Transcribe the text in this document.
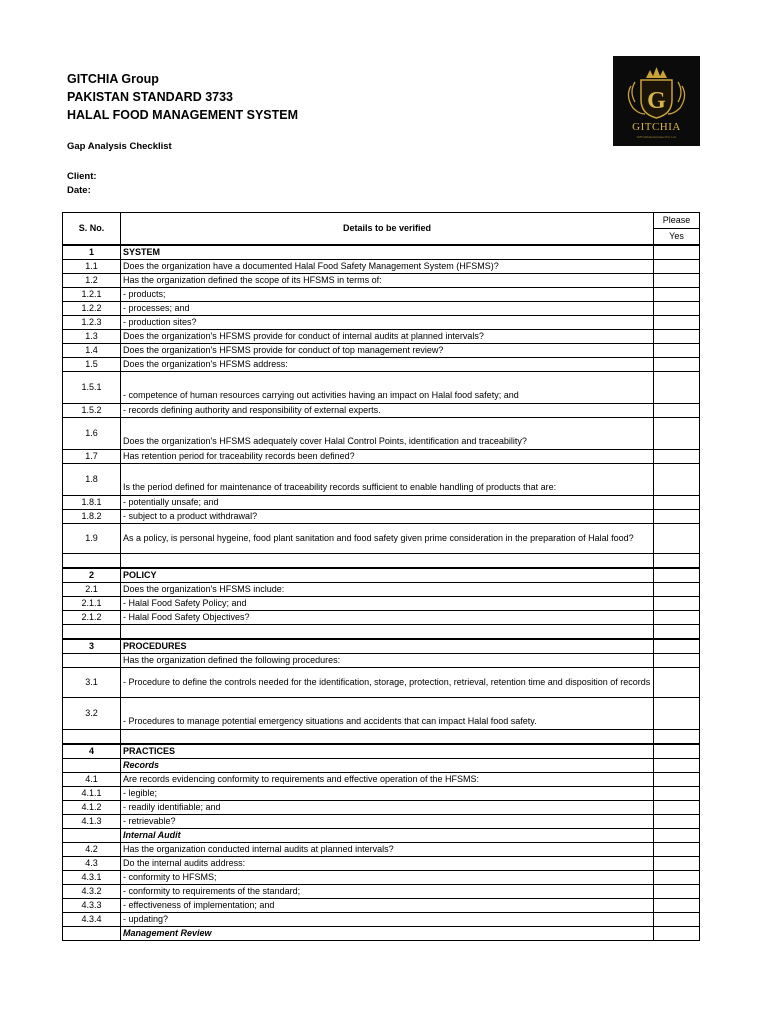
GITCHIA Group
PAKISTAN STANDARD 3733
HALAL FOOD MANAGEMENT SYSTEM
Gap Analysis Checklist
Client:
Date:
G
GITCHIA
GITCHIA Enterprises Pvt. Ltd.
S. No.	Details to be verified	Please
		Yes
1	SYSTEM	
1.1	Does the organization have a documented Halal Food Safety Management System (HFSMS)?	
1.2	Has the organization defined the scope of its HFSMS in terms of:	
1.2.1	- products;	
1.2.2	- processes; and	
1.2.3	- production sites?	
1.3	Does the organization's HFSMS provide for conduct of internal audits at planned intervals?	
1.4	Does the organization's HFSMS provide for conduct of top management review?	
1.5	Does the organization's HFSMS address:	
1.5.1	- competence of human resources carrying out activities having an impact on Halal food safety; and	
1.5.2	- records defining authority and responsibility of external experts.	
1.6	Does the organization's HFSMS adequately cover Halal Control Points, identification and traceability?	
1.7	Has retention period for traceability records been defined?	
1.8	Is the period defined for maintenance of traceability records sufficient to enable handling of products that are:	
1.8.1	- potentially unsafe; and	
1.8.2	- subject to a product withdrawal?	
1.9	As a policy, is personal hygeine, food plant sanitation and food safety given prime consideration in the preparation of Halal food?	

2	POLICY	
2.1	Does the organization's HFSMS include:	
2.1.1	- Halal Food Safety Policy; and	
2.1.2	- Halal Food Safety Objectives?	

3	PROCEDURES	
	Has the organization defined the following procedures:	
3.1	- Procedure to define the controls needed for the identification, storage, protection, retrieval, retention time and disposition of records	
3.2	- Procedures to manage potential emergency situations and accidents that can impact Halal food safety.	

4	PRACTICES	
	Records	
4.1	Are records evidencing conformity to requirements and effective operation of the HFSMS:	
4.1.1	- legible;	
4.1.2	- readily identifiable; and	
4.1.3	- retrievable?	
	Internal Audit	
4.2	Has the organization conducted internal audits at planned intervals?	
4.3	Do the internal audits address:	
4.3.1	- conformity to HFSMS;	
4.3.2	- conformity to requirements of the standard;	
4.3.3	- effectiveness of implementation; and	
4.3.4	- updating?	
	Management Review	
